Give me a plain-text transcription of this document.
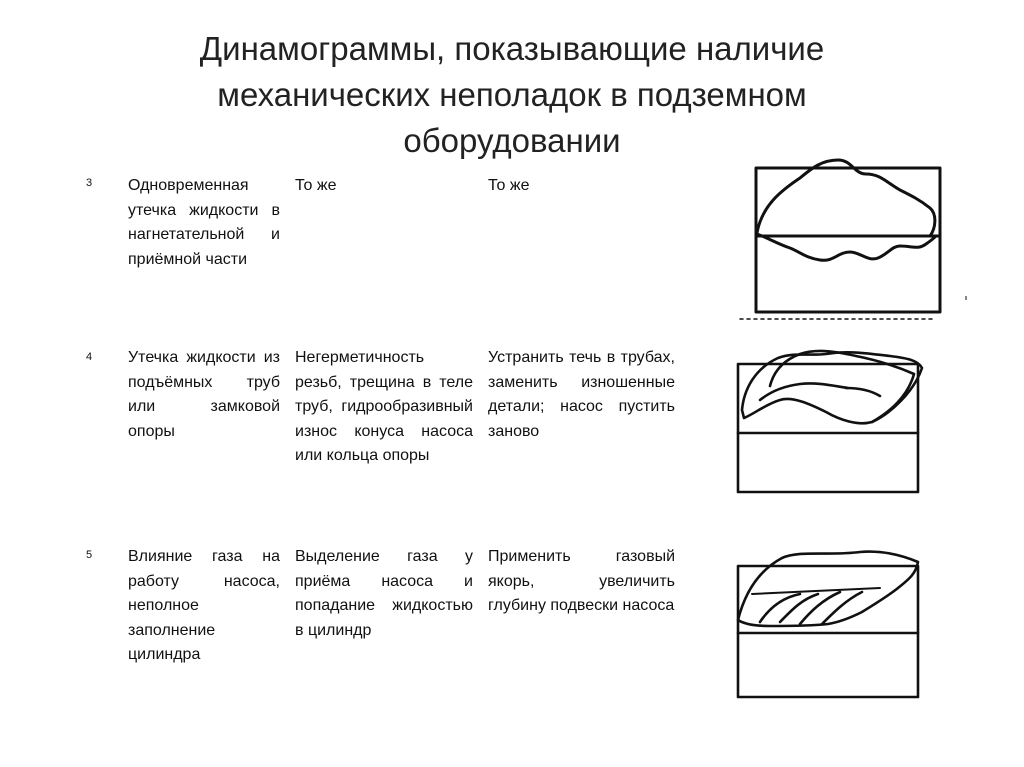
Динамограммы, показывающие наличие
механических неполадок в подземном
оборудовании
3 Одновременная утечка жидкости в нагнетательной и приёмной части
То же	То же
4 Утечка жидкости из подъёмных труб или замковой опоры
Негерметичность резьб, трещина в теле труб, гидрообразивный износ конуса насоса или кольца опоры
Устранить течь в трубах, заменить изношенные детали; насос пустить заново
5 Влияние газа на работу насоса, неполное заполнение цилиндра
Выделение газа у приёма насоса и попадание жидкостью в цилиндр
Применить газовый якорь, увеличить глубину подвески насоса
